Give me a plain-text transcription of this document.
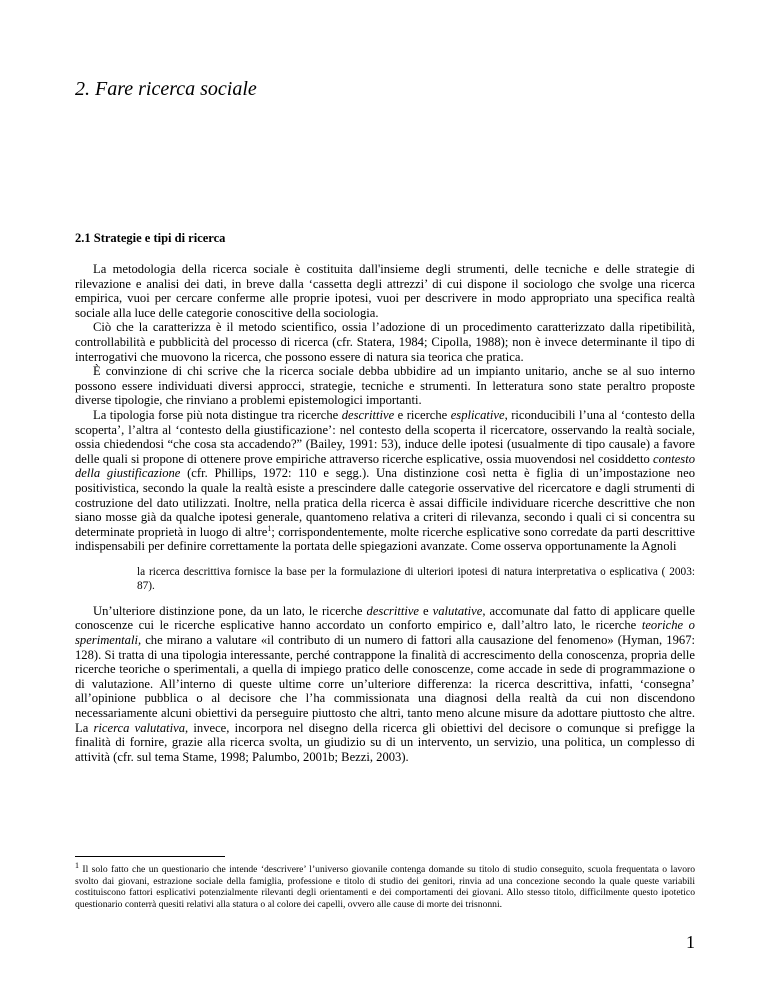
2. Fare ricerca sociale
2.1 Strategie e tipi di ricerca

La metodologia della ricerca sociale è costituita dall'insieme degli strumenti, delle tecniche e delle strategie di rilevazione e analisi dei dati, in breve dalla ‘cassetta degli attrezzi’ di cui dispone il sociologo che svolge una ricerca empirica, vuoi per cercare conferme alle proprie ipotesi, vuoi per descrivere in modo appropriato una specifica realtà sociale alla luce delle categorie conoscitive della sociologia.

Ciò che la caratterizza è il metodo scientifico, ossia l’adozione di un procedimento caratterizzato dalla ripetibilità, controllabilità e pubblicità del processo di ricerca (cfr. Statera, 1984; Cipolla, 1988); non è invece determinante il tipo di interrogativi che muovono la ricerca, che possono essere di natura sia teorica che pratica.

È convinzione di chi scrive che la ricerca sociale debba ubbidire ad un impianto unitario, anche se al suo interno possono essere individuati diversi approcci, strategie, tecniche e strumenti. In letteratura sono state peraltro proposte diverse tipologie, che rinviano a problemi epistemologici importanti.

La tipologia forse più nota distingue tra ricerche descrittive e ricerche esplicative, riconducibili l’una al ‘contesto della scoperta’, l’altra al ‘contesto della giustificazione’: nel contesto della scoperta il ricercatore, osservando la realtà sociale, ossia chiedendosi “che cosa sta accadendo?” (Bailey, 1991: 53), induce delle ipotesi (usualmente di tipo causale) a favore delle quali si propone di ottenere prove empiriche attraverso ricerche esplicative, ossia muovendosi nel cosiddetto contesto della giustificazione (cfr. Phillips, 1972: 110 e segg.). Una distinzione così netta è figlia di un’impostazione neo positivistica, secondo la quale la realtà esiste a prescindere dalle categorie osservative del ricercatore e dagli strumenti di costruzione del dato utilizzati. Inoltre, nella pratica della ricerca è assai difficile individuare ricerche descrittive che non siano mosse già da qualche ipotesi generale, quantomeno relativa a criteri di rilevanza, secondo i quali ci si concentra su determinate proprietà in luogo di altre$^1$; corrispondentemente, molte ricerche esplicative sono corredate da parti descrittive indispensabili per definire correttamente la portata delle spiegazioni avanzate. Come osserva opportunamente la Agnoli

la ricerca descrittiva fornisce la base per la formulazione di ulteriori ipotesi di natura interpretativa o esplicativa ( 2003: 87).

Un’ulteriore distinzione pone, da un lato, le ricerche descrittive e valutative, accomunate dal fatto di applicare quelle conoscenze cui le ricerche esplicative hanno accordato un conforto empirico e, dall’altro lato, le ricerche teoriche o sperimentali, che mirano a valutare «il contributo di un numero di fattori alla causazione del fenomeno» (Hyman, 1967: 128). Si tratta di una tipologia interessante, perché contrappone la finalità di accrescimento della conoscenza, propria delle ricerche teoriche o sperimentali, a quella di impiego pratico delle conoscenze, come accade in sede di programmazione o di valutazione. All’interno di queste ultime corre un’ulteriore differenza: la ricerca descrittiva, infatti, ‘consegna’ all’opinione pubblica o al decisore che l’ha commissionata una diagnosi della realtà da cui non discendono necessariamente alcuni obiettivi da perseguire piuttosto che altri, tanto meno alcune misure da adottare piuttosto che altre. La ricerca valutativa, invece, incorpora nel disegno della ricerca gli obiettivi del decisore o comunque si prefigge la finalità di fornire, grazie alla ricerca svolta, un giudizio su di un intervento, un servizio, una politica, un complesso di attività (cfr. sul tema Stame, 1998; Palumbo, 2001b; Bezzi, 2003).

$^1$ Il solo fatto che un questionario che intende ‘descrivere’ l’universo giovanile contenga domande su titolo di studio conseguito, scuola frequentata o lavoro svolto dai giovani, estrazione sociale della famiglia, professione e titolo di studio dei genitori, rinvia ad una concezione secondo la quale queste variabili costituiscono fattori esplicativi potenzialmente rilevanti degli orientamenti e dei comportamenti dei giovani. Allo stesso titolo, difficilmente questo ipotetico questionario conterrà quesiti relativi alla statura o al colore dei capelli, ovvero alle cause di morte dei trisnonni.
1
